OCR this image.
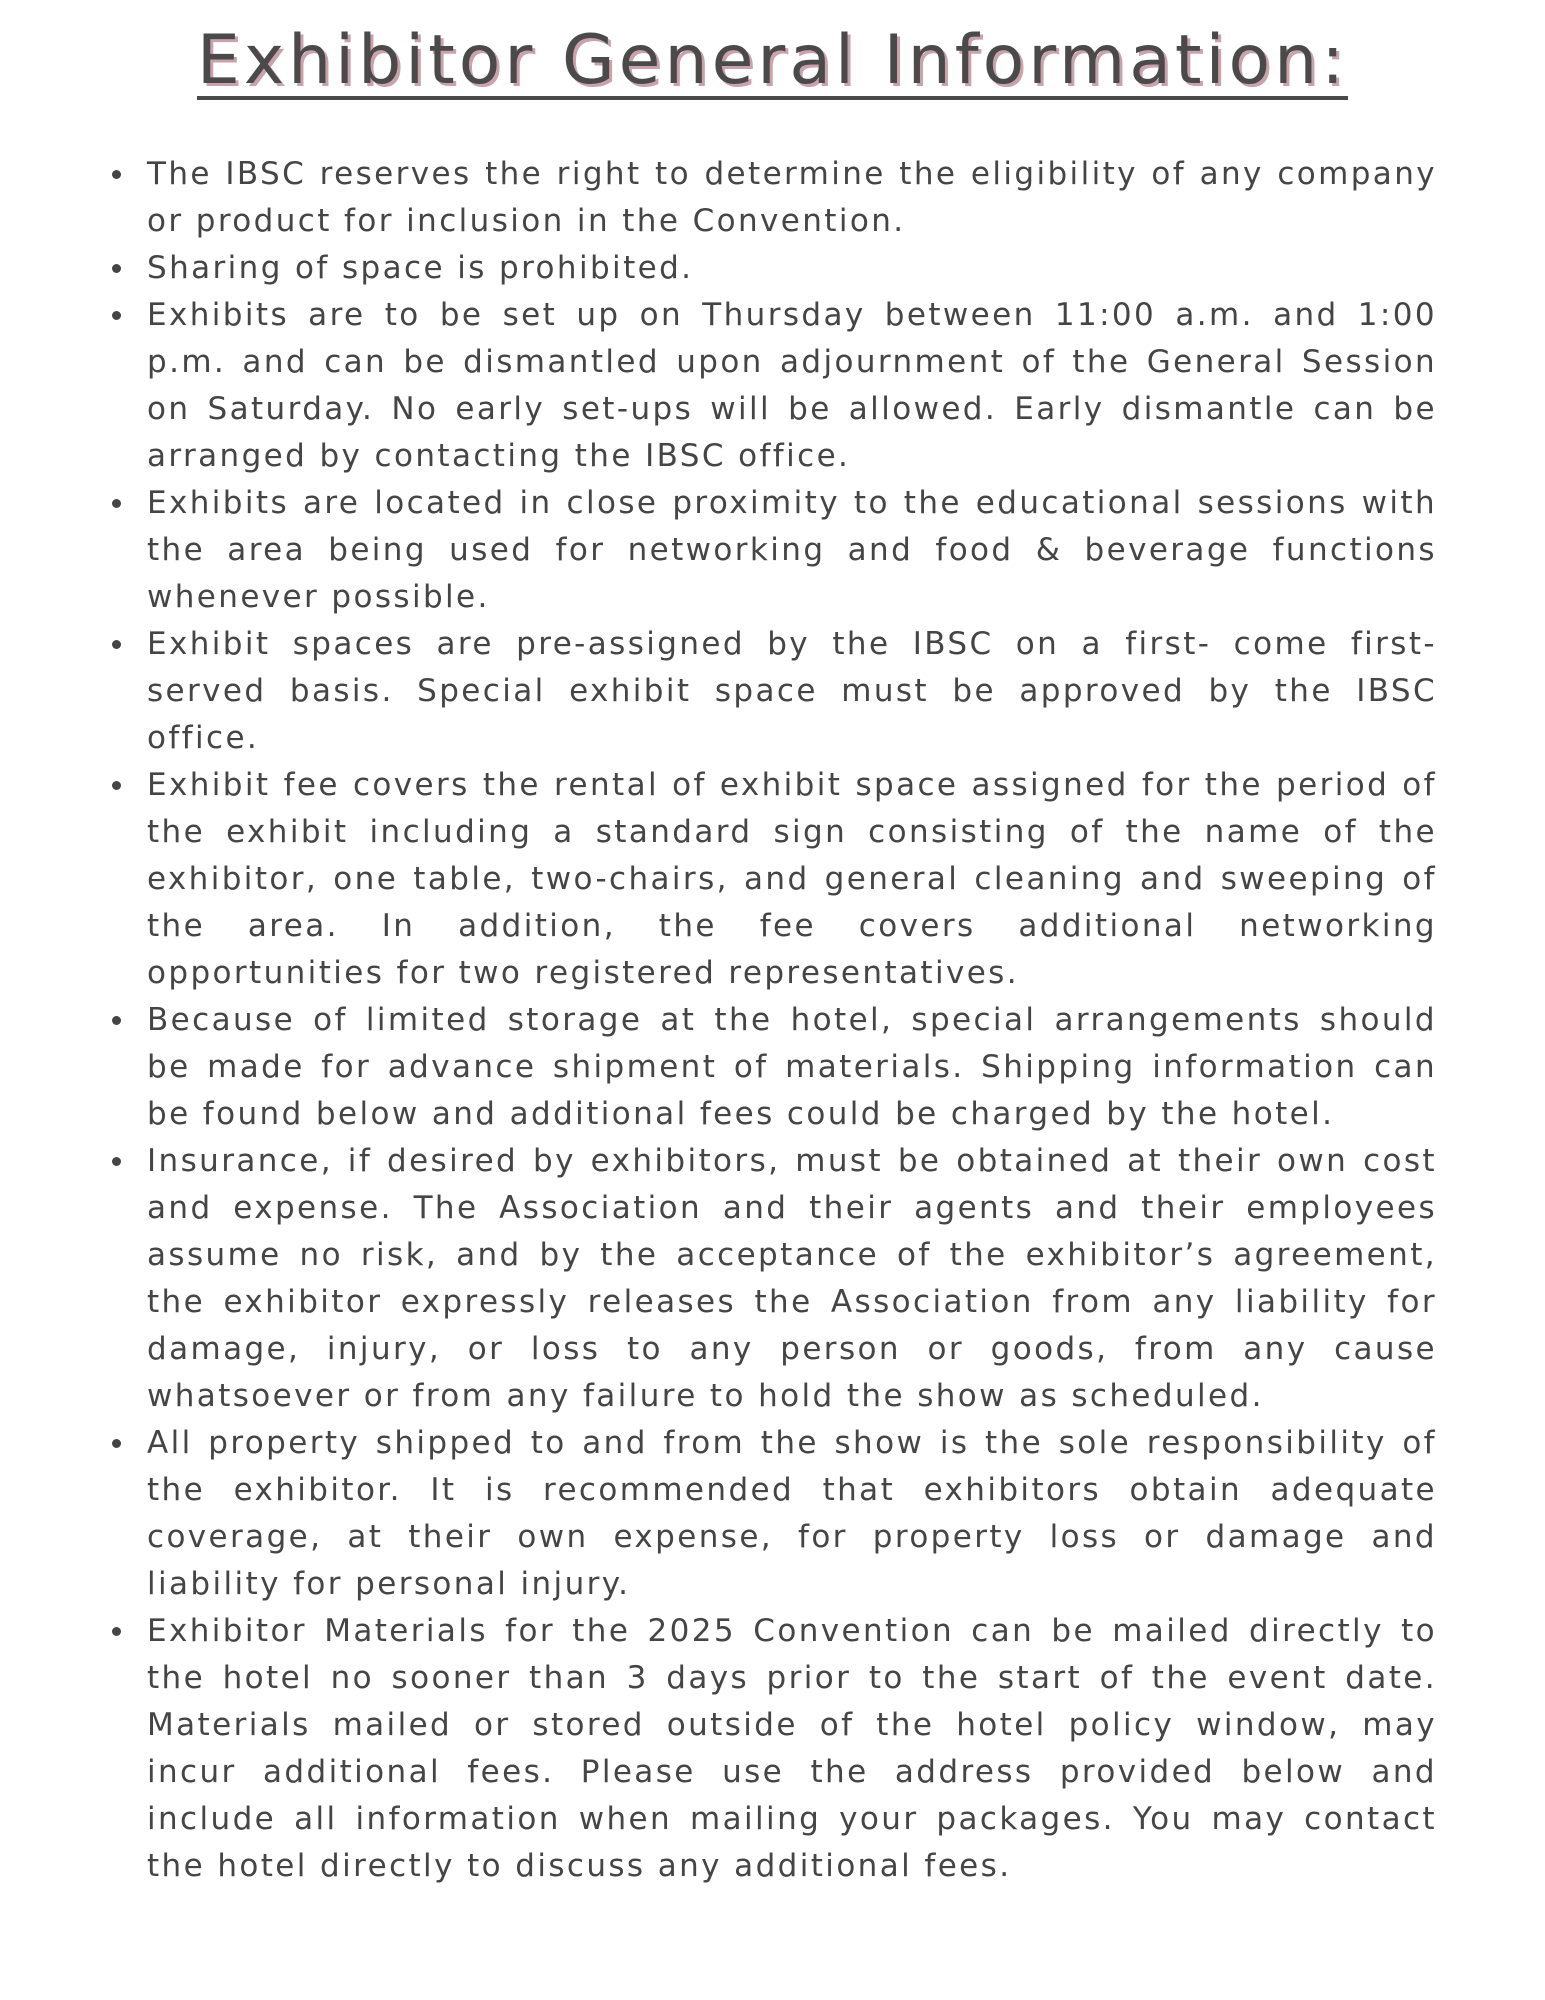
Exhibitor General Information:
The IBSC reserves the right to determine the eligibility of any company or product for inclusion in the Convention.
Sharing of space is prohibited.
Exhibits are to be set up on Thursday between 11:00 a.m. and 1:00 p.m. and can be dismantled upon adjournment of the General Session on Saturday. No early set-ups will be allowed. Early dismantle can be arranged by contacting the IBSC office.
Exhibits are located in close proximity to the educational sessions with the area being used for networking and food & beverage functions whenever possible.
Exhibit spaces are pre-assigned by the IBSC on a first- come first-served basis. Special exhibit space must be approved by the IBSC office.
Exhibit fee covers the rental of exhibit space assigned for the period of the exhibit including a standard sign consisting of the name of the exhibitor, one table, two-chairs, and general cleaning and sweeping of the area. In addition, the fee covers additional networking opportunities for two registered representatives.
Because of limited storage at the hotel, special arrangements should be made for advance shipment of materials. Shipping information can be found below and additional fees could be charged by the hotel.
Insurance, if desired by exhibitors, must be obtained at their own cost and expense. The Association and their agents and their employees assume no risk, and by the acceptance of the exhibitor’s agreement, the exhibitor expressly releases the Association from any liability for damage, injury, or loss to any person or goods, from any cause whatsoever or from any failure to hold the show as scheduled.
All property shipped to and from the show is the sole responsibility of the exhibitor. It is recommended that exhibitors obtain adequate coverage, at their own expense, for property loss or damage and liability for personal injury.
Exhibitor Materials for the 2025 Convention can be mailed directly to the hotel no sooner than 3 days prior to the start of the event date. Materials mailed or stored outside of the hotel policy window, may incur additional fees. Please use the address provided below and include all information when mailing your packages. You may contact the hotel directly to discuss any additional fees.
